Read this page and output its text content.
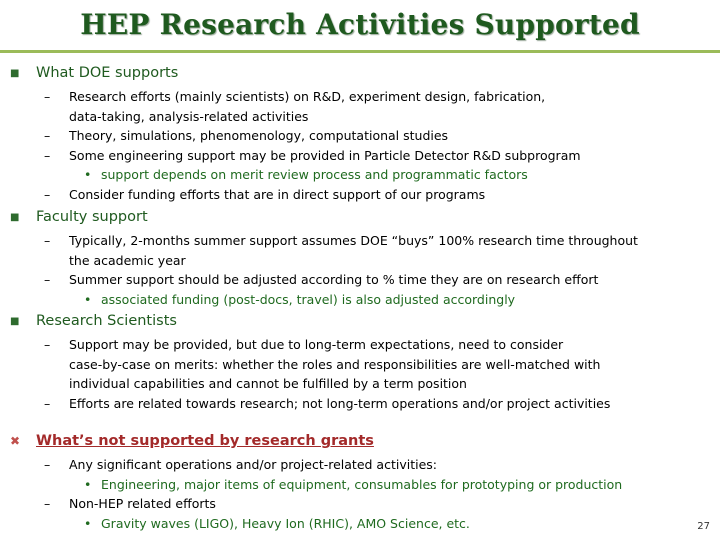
HEP Research Activities Supported
■ What DOE supports
– Research efforts (mainly scientists) on R&D, experiment design, fabrication,
data-taking, analysis-related activities
– Theory, simulations, phenomenology, computational studies
– Some engineering support may be provided in Particle Detector R&D subprogram
• support depends on merit review process and programmatic factors
– Consider funding efforts that are in direct support of our programs
■ Faculty support
– Typically, 2-months summer support assumes DOE “buys” 100% research time throughout
the academic year
– Summer support should be adjusted according to % time they are on research effort
• associated funding (post-docs, travel) is also adjusted accordingly
■ Research Scientists
– Support may be provided, but due to long-term expectations, need to consider
case-by-case on merits: whether the roles and responsibilities are well-matched with
individual capabilities and cannot be fulfilled by a term position
– Efforts are related towards research; not long-term operations and/or project activities
✖ What’s not supported by research grants
– Any significant operations and/or project-related activities:
• Engineering, major items of equipment, consumables for prototyping or production
– Non-HEP related efforts
• Gravity waves (LIGO), Heavy Ion (RHIC), AMO Science, etc.	27
